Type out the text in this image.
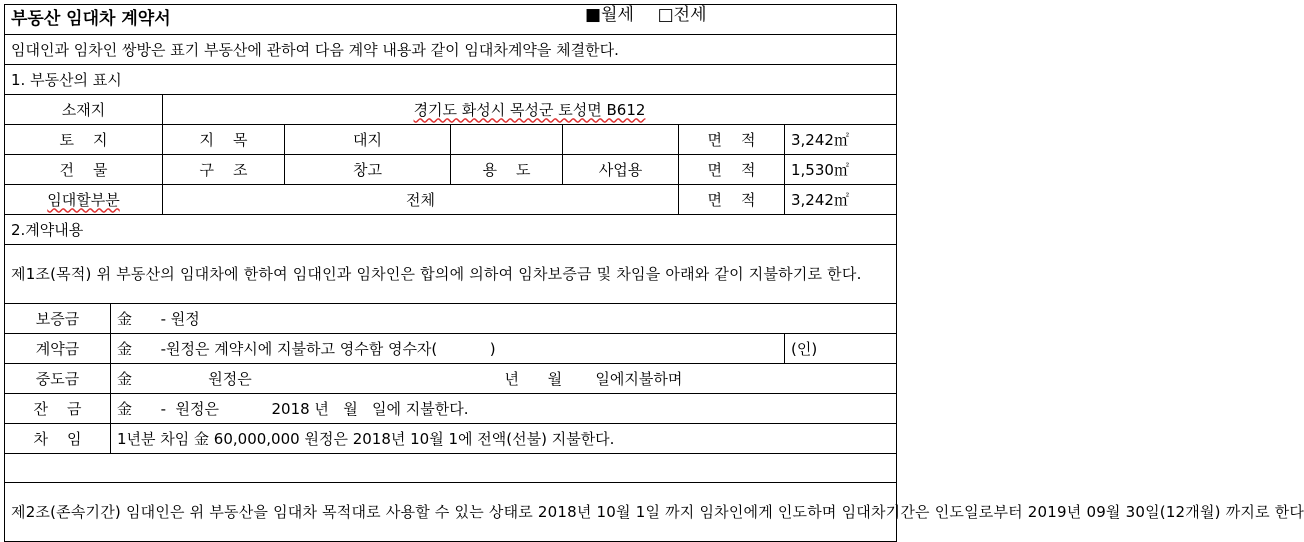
부동산 임대차 계약서 ■월세 □전세							

임대인과 임차인 쌍방은 표기 부동산에 관하여 다음 계약 내용과 같이 임대차계약을 체결한다.							
1. 부동산의 표시							
소재지		경기도 화성시 목성군 토성면 B612					
토    지		지    목	대지			면    적	3,242㎡
건    물		구    조	창고	용    도	사업용	면    적	1,530㎡
임대할부분		전체				면    적	3,242㎡
2.계약내용							
제1조(목적) 위 부동산의 임대차에 한하여 임대인과 임차인은 합의에 의하여 임차보증금 및 차임을 아래와 같이 지불하기로 한다.							
보증금	金      - 원정						
계약금	金      -원정은 계약시에 지불하고 영수함 영수자(           )						(인)
중도금	金                원정은                                                     년      월       일에지불하며						
잔    금	金      -  원정은           2018 년   월   일에 지불한다.						
차    임	1년분 차임 金 60,000,000 원정은 2018년 10월 1에 전액(선불) 지불한다.						

제2조(존속기간) 임대인은 위 부동산을 임대차 목적대로 사용할 수 있는 상태로 2018년 10월 1일 까지 임차인에게 인도하며 임대차기간은 인도일로부터 2019년 09월 30일(12개월) 까지로 한다							
